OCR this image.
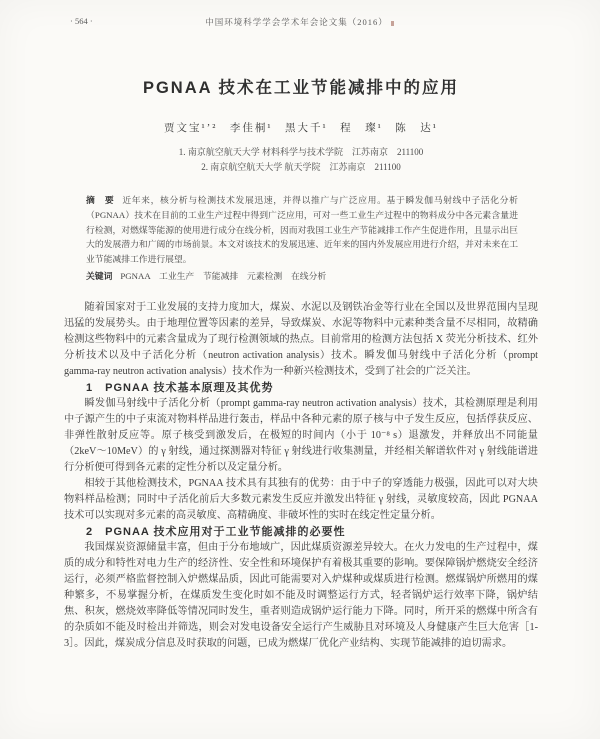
· 564 ·	中国环境科学学会学术年会论文集（2016）
PGNAA 技术在工业节能减排中的应用
贾文宝¹ʼ²　李佳桐¹　黑大千¹　程　璨¹　陈　达¹
1. 南京航空航天大学 材料科学与技术学院　江苏南京　211100
2. 南京航空航天大学 航天学院　江苏南京　211100
摘　要 近年来，核分析与检测技术发展迅速，并得以推广与广泛应用。基于瞬发伽马射线中子活化分析（PGNAA）技术在目前的工业生产过程中得到广泛应用，可对一些工业生产过程中的物料成分中各元素含量进行检测，对燃煤等能源的使用进行成分在线分析，因而对我国工业生产节能减排工作产生促进作用，且显示出巨大的发展潜力和广阔的市场前景。本文对该技术的发展迅速、近年来的国内外发展应用进行介绍，并对未来在工业节能减排工作进行展望。
关键词 PGNAA　工业生产　节能减排　元素检测　在线分析

随着国家对于工业发展的支持力度加大，煤炭、水泥以及钢铁冶金等行业在全国以及世界范围内呈现迅猛的发展势头。由于地理位置等因素的差异，导致煤炭、水泥等物料中元素种类含量不尽相同，故精确检测这些物料中的元素含量成为了现行检测领域的热点。目前常用的检测方法包括 X 荧光分析技术、红外分析技术以及中子活化分析（neutron activation analysis）技术。瞬发伽马射线中子活化分析（prompt gamma-ray neutron activation analysis）技术作为一种新兴检测技术，受到了社会的广泛关注。

1　PGNAA 技术基本原理及其优势

瞬发伽马射线中子活化分析（prompt gamma-ray neutron activation analysis）技术，其检测原理是利用中子源产生的中子束流对物料样品进行轰击，样品中各种元素的原子核与中子发生反应，包括俘获反应、非弹性散射反应等。原子核受到激发后，在极短的时间内（小于 10⁻⁸ s）退激发，并释放出不同能量（2keV～10MeV）的 γ 射线，通过探测器对特征 γ 射线进行收集测量，并经相关解谱软件对 γ 射线能谱进行分析便可得到各元素的定性分析以及定量分析。

相较于其他检测技术，PGNAA 技术具有其独有的优势：由于中子的穿透能力极强，因此可以对大块物料样品检测；同时中子活化前后大多数元素发生反应并激发出特征 γ 射线，灵敏度较高，因此 PGNAA 技术可以实现对多元素的高灵敏度、高精确度、非破坏性的实时在线定性定量分析。

2　PGNAA 技术应用对于工业节能减排的必要性

我国煤炭资源储量丰富，但由于分布地域广，因此煤质资源差异较大。在火力发电的生产过程中，煤质的成分和特性对电力生产的经济性、安全性和环境保护有着极其重要的影响。要保障锅炉燃烧安全经济运行，必须严格监督控制入炉燃煤品质，因此可能需要对入炉煤种或煤质进行检测。燃煤锅炉所燃用的煤种繁多，不易掌握分析，在煤质发生变化时如不能及时调整运行方式，轻者锅炉运行效率下降，锅炉结焦、积灰，燃烧效率降低等情况同时发生，重者则造成锅炉运行能力下降。同时，所开采的燃煤中所含有的杂质如不能及时检出并筛选，则会对发电设备安全运行产生威胁且对环境及人身健康产生巨大危害［1-3］。因此，煤炭成分信息及时获取的问题，已成为燃煤厂优化产业结构、实现节能减排的迫切需求。
